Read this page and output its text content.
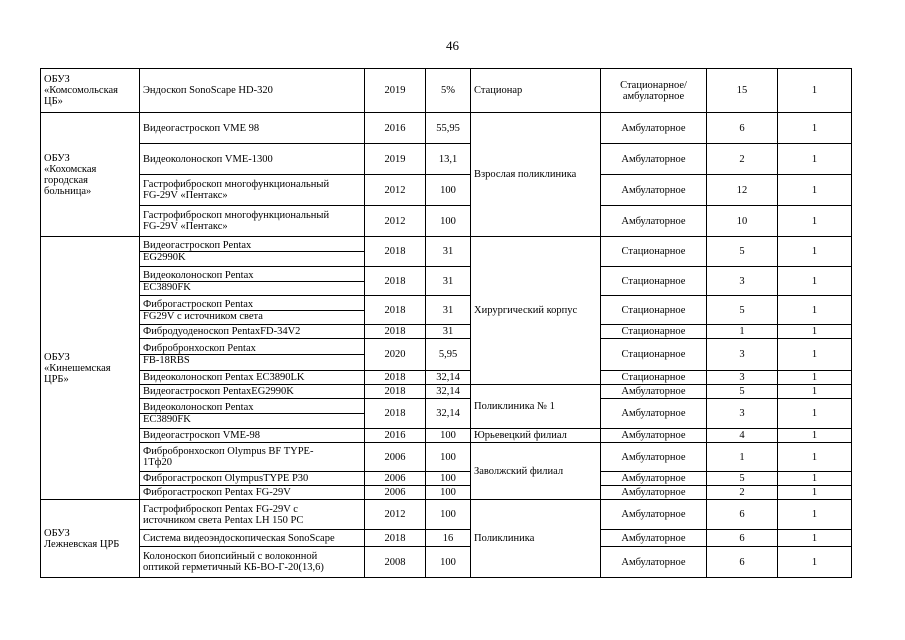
46
ОБУЗ
«Комсомольская
ЦБ»	Эндоскоп SonoScape HD-320	2019	5%	Стационар	Стационарное/
амбулаторное	15	1

ОБУЗ
«Кохомская
городская
больница»	Видеогастроскоп VME 98	2016	55,95	Взрослая поликлиника	Амбулаторное	6	1
	Видеоколоноскоп VME-1300	2019	13,1		Амбулаторное	2	1

	Гастрофиброскоп многофункциональный
FG-29V «Пентакс»	2012	100		Амбулаторное	12	1

	Гастрофиброскоп многофункциональный
FG-29V «Пентакс»	2012	100		Амбулаторное	10	1

ОБУЗ
«Кинешемская
ЦРБ»	Видеогастроскоп Pentax
EG2990K	2018	31	Хирургический корпус	Стационарное	5	1

	Видеоколоноскоп Pentax
EC3890FK	2018	31		Стационарное	3	1

	Фиброгастроскоп Pentax
FG29V с источником света	2018	31		Стационарное	5	1
	Фибродуоденоскоп PentaxFD-34V2	2018	31		Стационарное	1	1

	Фибробронхоскоп Pentax
FB-18RBS	2020	5,95		Стационарное	3	1
	Видеоколоноскоп Pentax EC3890LK	2018	32,14		Стационарное	3	1
	Видеогастроскоп PentaxEG2990K	2018	32,14	Поликлиника № 1	Амбулаторное	5	1

	Видеоколоноскоп Pentax
EC3890FK	2018	32,14		Амбулаторное	3	1
	Видеогастроскоп VME-98	2016	100	Юрьевецкий филиал	Амбулаторное	4	1

	Фибробронхоскоп Olympus BF TYPE-
1Тф20	2006	100	Заволжский филиал	Амбулаторное	1	1
	Фиброгастроскоп OlympusTYPE P30	2006	100		Амбулаторное	5	1
	Фиброгастроскоп Pentax FG-29V	2006	100		Амбулаторное	2	1

ОБУЗ
Лежневская ЦРБ	Гастрофиброскоп Pentax FG-29V с
источником света Pentax LH 150 PC	2012	100	Поликлиника	Амбулаторное	6	1
	Система видеоэндоскопическая SonoScape	2018	16		Амбулаторное	6	1

	Колоноскоп биопсийный с волоконной
оптикой герметичный КБ-ВО-Г-20(13,6)	2008	100		Амбулаторное	6	1
